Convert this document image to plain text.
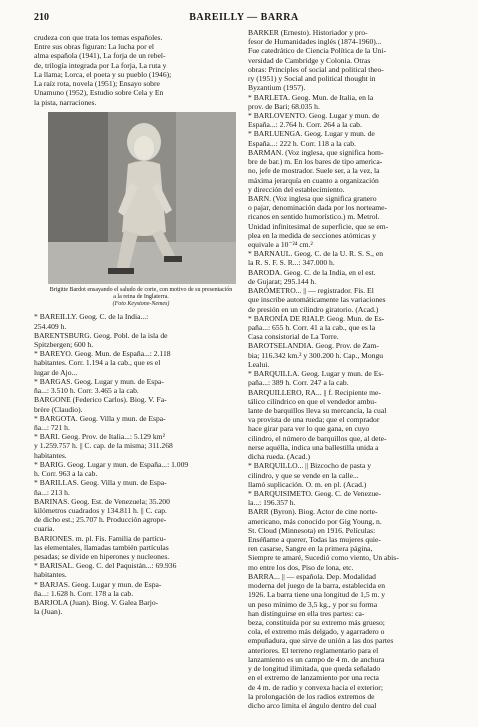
210	BAREILLY — BARRA

crudeza con que trata los temas españoles.
Entre sus obras figuran: La lucha por el
alma española (1941), La forja de un rebel-
de, trilogía integrada por La forja, La ruta y
La llama; Lorca, el poeta y su pueblo (1946);
La raíz rota, novela (1951); Ensayo sobre
Unamuno (1952), Estudio sobre Cela y En
la pista, narraciones.

Brigitte Bardot ensayando el saludo de corte, con motivo de su presentación a la reina de Inglaterra.
(Foto Keystone-Nemes)

* BAREILLY. Geog. C. de la India...:
254.409 h.

BARENTSBURG. Geog. Pobl. de la isla de
Spitzbergen; 600 h.

* BAREYO. Geog. Mun. de España...: 2.118
habitantes. Corr. 1.194 a la cab., que es el
lugar de Ajo...

* BARGAS. Geog. Lugar y mun. de Espa-
ña...: 3.510 h. Corr. 3.465 a la cab.

BARGONE (Federico Carlos). Biog. V. Fa-
brère (Claudio).

* BARGOTA. Geog. Villa y mun. de Espa-
ña...: 721 h.

* BARI. Geog. Prov. de Italia...: 5.129 km²
y 1.259.757 h. || C. cap. de la misma; 311.268
habitantes.

* BARIG. Geog. Lugar y mun. de España...: 1.009
h. Corr. 963 a la cab.

* BARILLAS. Geog. Villa y mun. de Espa-
ña...: 213 h.

BARINAS. Geog. Est. de Venezuela; 35.200
kilómetros cuadrados y 134.811 h. || C. cap.
de dicho est.; 25.707 h. Producción agrope-
cuaria.

BARIONES. m. pl. Fís. Familia de partícu-
las elementales, llamadas también partículas
pesadas; se divide en hiperones y nucleones.

* BARISAL. Geog. C. del Paquistán...: 69.936
habitantes.

* BARJAS. Geog. Lugar y mun. de Espa-
ña...: 1.628 h. Corr. 178 a la cab.

BARJOLA (Juan). Biog. V. Galea Barjo-
la (Juan).

BARKER (Ernesto). Historiador y pro-
fesor de Humanidades inglés (1874-1960)...
Fue catedrático de Ciencia Política de la Uni-
versidad de Cambridge y Colonia. Otras
obras: Principles of social and political theo-
ry (1951) y Social and political thought in
Byzantium (1957).

* BARLETA. Geog. Mun. de Italia, en la
prov. de Bari; 68.035 h.

* BARLOVENTO. Geog. Lugar y mun. de
España...: 2.764 h. Corr. 264 a la cab.

* BARLUENGA. Geog. Lugar y mun. de
España...: 222 h. Corr. 118 a la cab.

BARMAN. (Voz inglesa, que significa hom-
bre de bar.) m. En los bares de tipo america-
no, jefe de mostrador. Suele ser, a la vez, la
máxima jerarquía en cuanto a organización
y dirección del establecimiento.

BARN. (Voz inglesa que significa granero
o pajar, denominación dada por los norteame-
ricanos en sentido humorístico.) m. Metrol.
Unidad infinitesimal de superficie, que se em-
plea en la medida de secciones atómicas y
equivale a 10⁻²⁴ cm.²

* BARNAUL. Geog. C. de la U. R. S. S., en
la R. S. F. S. R...: 347.000 h.

BARODA. Geog. C. de la India, en el est.
de Gujarat; 295.144 h.

BARÓMETRO... || — registrador. Fís. El
que inscribe automáticamente las variaciones
de presión en un cilindro giratorio. (Acad.)

* BARONÍA DE RIALP. Geog. Mun. de Es-
paña...: 655 h. Corr. 41 a la cab., que es la
Casa consistorial de La Torre.

BAROTSELANDIA. Geog. Prov. de Zam-
bia; 116.342 km.² y 300.200 h. Cap., Mongu
Lealui.

* BARQUILLA. Geog. Lugar y mun. de Es-
paña...: 389 h. Corr. 247 a la cab.

BARQUILLERO, RA... || f. Recipiente me-
tálico cilíndrico en que el vendedor ambu-
lante de barquillos lleva su mercancía, la cual
va provista de una rueda; que el comprador
hace girar para ver lo que gana, en cuyo
cilindro, el número de barquillos que, al dete-
nerse aquélla, indica una ballestilla unida a
dicha rueda. (Acad.)

* BARQUILLO... || Bizcocho de pasta y
cilindro, y que se vende en la calle...
llamó suplicación. O. m. en pl. (Acad.)

* BARQUISIMETO. Geog. C. de Venezue-
la...: 196.357 h.

BARR (Byron). Biog. Actor de cine norte-
americano, más conocido por Gig Young, n.
St. Cloud (Minnesota) en 1916. Películas:
Enséñame a querer, Todas las mujeres quie-
ren casarse, Sangre en la primera página,
Siempre te amaré, Sucedió como viento, Un abis-
mo entre los dos, Piso de lona, etc.

BARRA... || — española. Dep. Modalidad
moderna del juego de la barra, establecida en
1926. La barra tiene una longitud de 1,5 m. y
un peso mínimo de 3,5 kg., y por su forma
han distinguirse en ella tres partes: ca-
beza, constituida por su extremo más grueso;
cola, el extremo más delgado, y agarradero o
empuñadura, que sirve de unión a las dos partes
anteriores. El terreno reglamentario para el
lanzamiento es un campo de 4 m. de anchura
y de longitud ilimitada, que queda señalado
en el extremo de lanzamiento por una recta
de 4 m. de radio y convexa hacia el exterior;
la prolongación de los radios extremos de
dicho arco limita el ángulo dentro del cual
